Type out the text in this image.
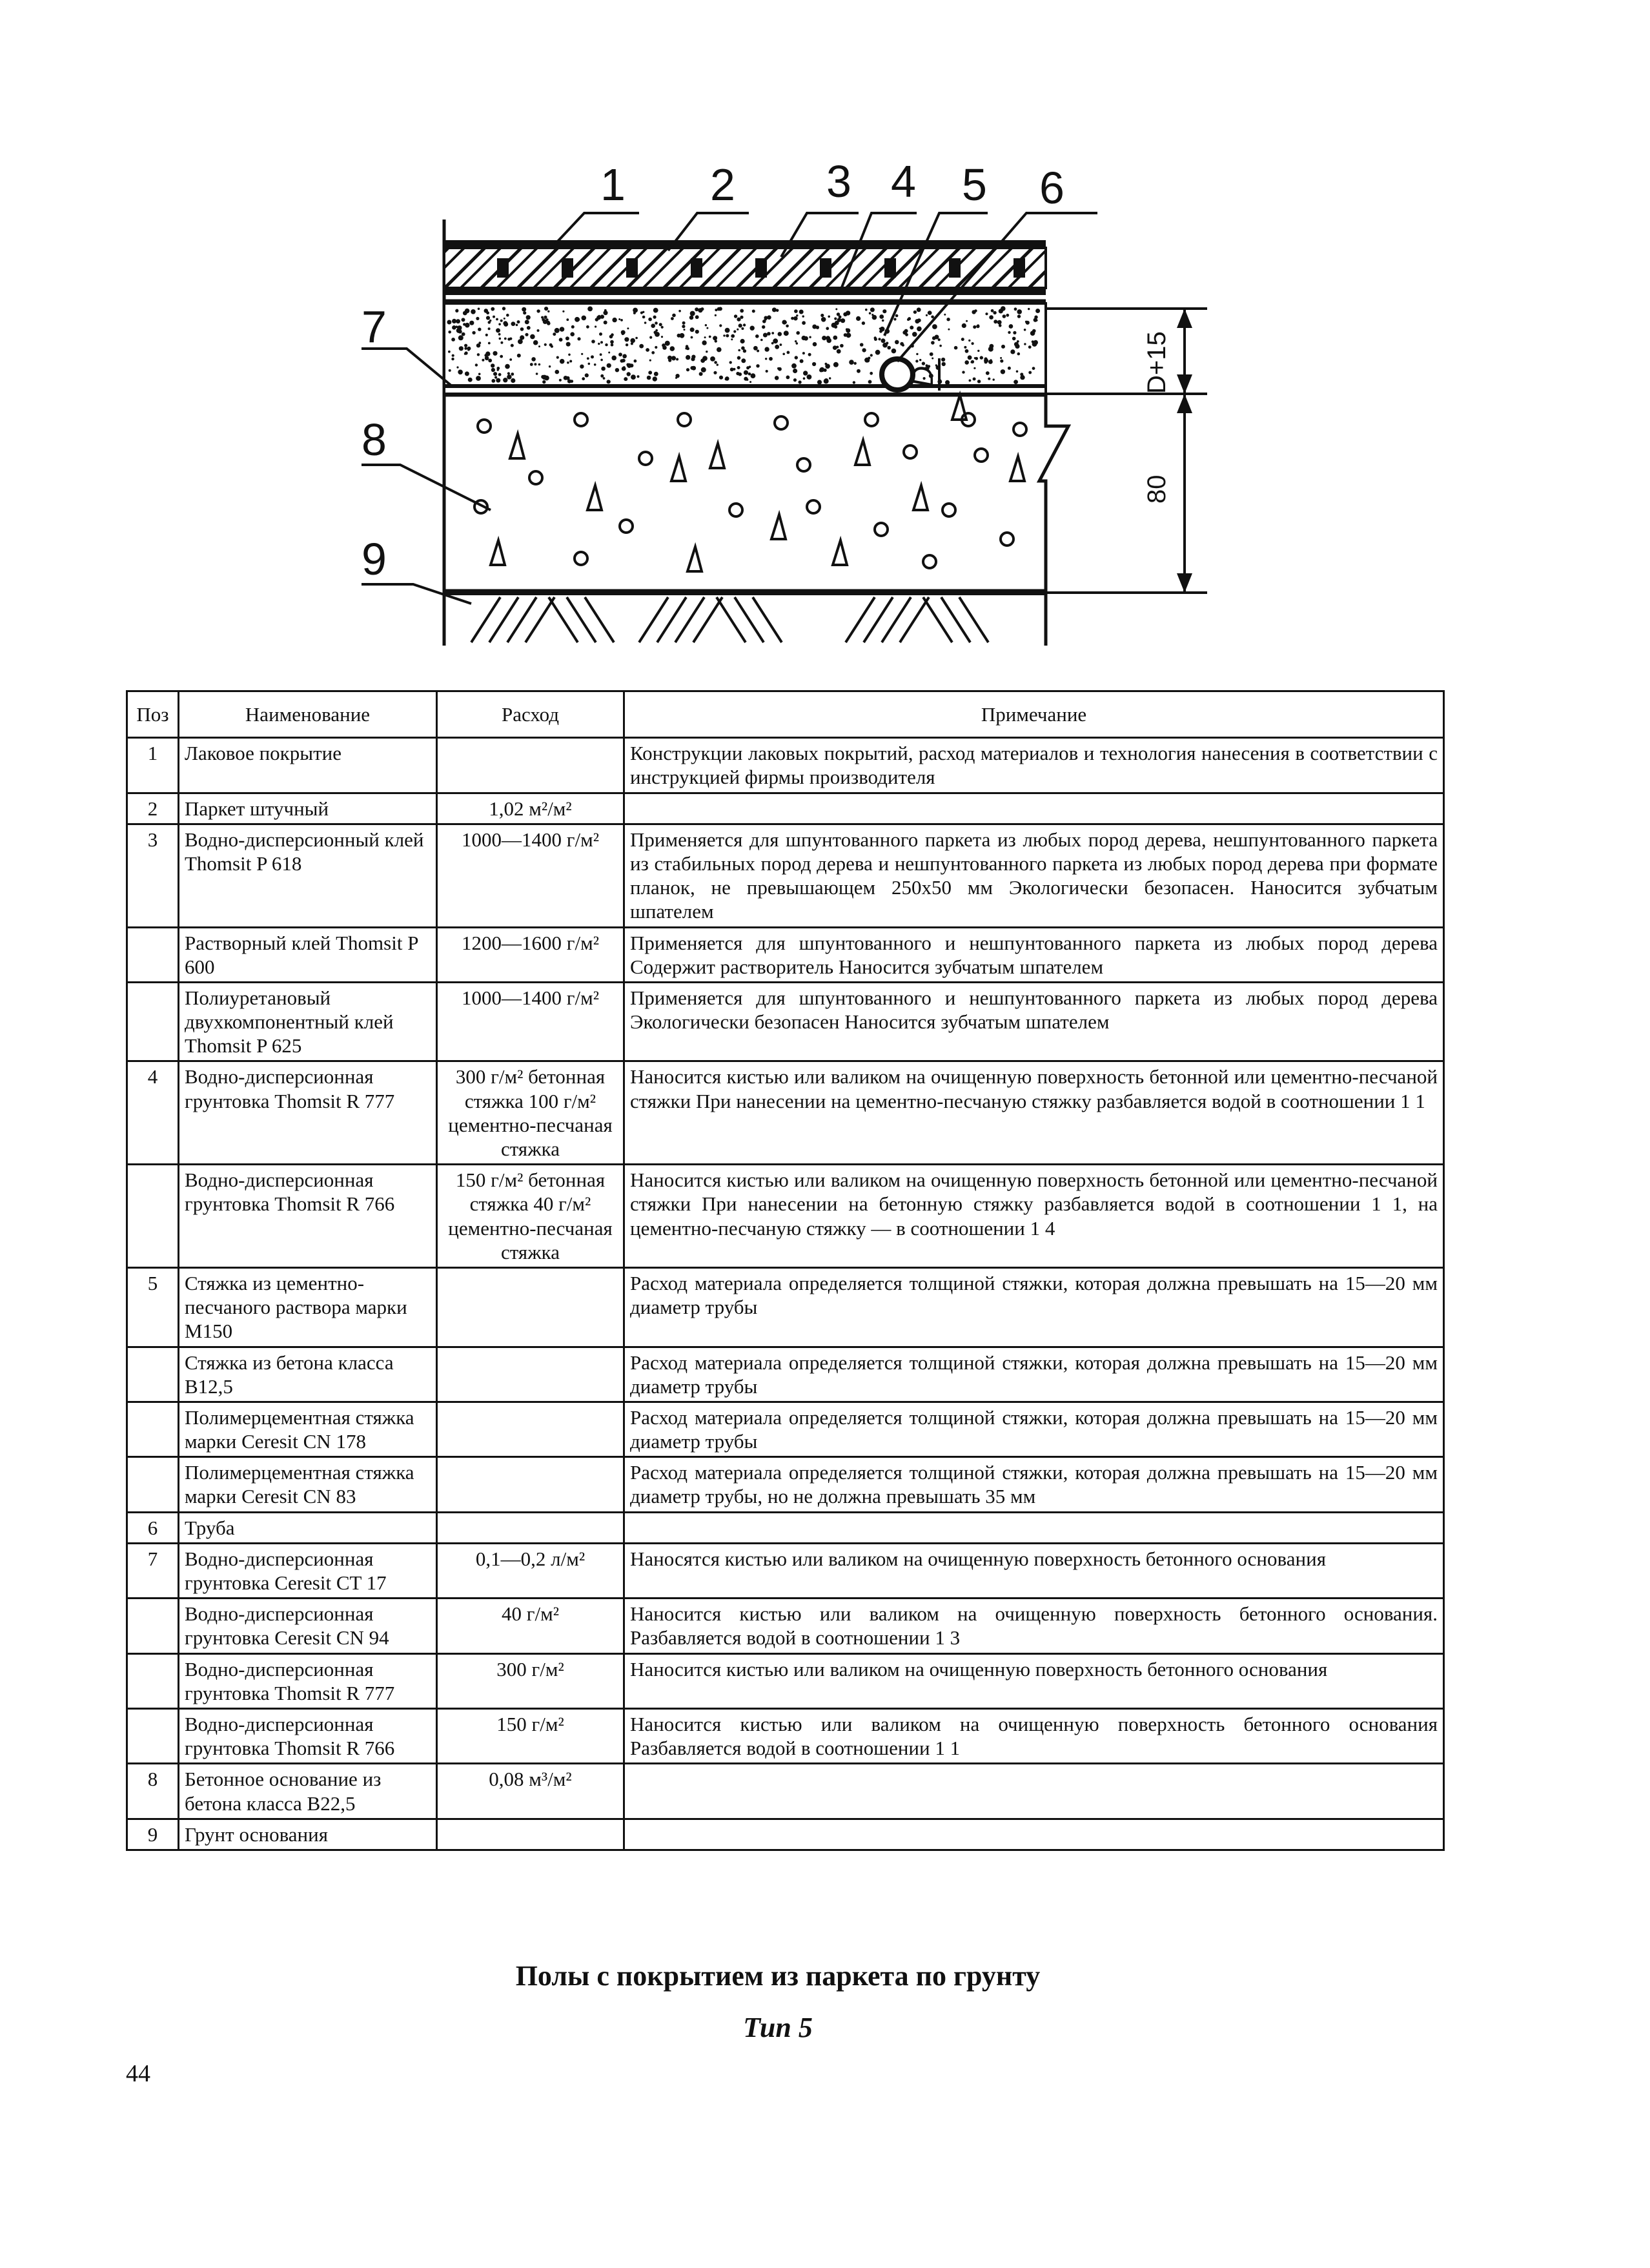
D
1 2 3 4 5 6
7
8
9
D+15
80
Поз	Наименование	Расход	Примечание
1	Лаковое покрытие		Конструкции лаковых покрытий, расход материалов и технология нанесения в соответствии с инструкцией фирмы производителя
2	Паркет штучный	1,02 м²/м²	
3	Водно-дисперсионный клей Thomsit P 618	1000—1400 г/м²	Применяется для шпунтованного паркета из любых пород дерева, нешпунтованного паркета из стабильных пород дерева и нешпунтованного паркета из любых пород дерева при формате планок, не превышающем 250х50 мм Экологически безопасен. Наносится зубчатым шпателем
	Растворный клей Thomsit P 600	1200—1600 г/м²	Применяется для шпунтованного и нешпунтованного паркета из любых пород дерева Содержит растворитель Наносится зубчатым шпателем
	Полиуретановый двухкомпонентный клей Thomsit P 625	1000—1400 г/м²	Применяется для шпунтованного и нешпунтованного паркета из любых пород дерева Экологически безопасен Наносится зубчатым шпателем
4	Водно-дисперсионная грунтовка Thomsit R 777	300 г/м² бетонная стяжка 100 г/м² цементно-песчаная стяжка	Наносится кистью или валиком на очищенную поверхность бетонной или цементно-песчаной стяжки При нанесении на цементно-песчаную стяжку разбавляется водой в соотношении 1 1
	Водно-дисперсионная грунтовка Thomsit R 766	150 г/м² бетонная стяжка 40 г/м² цементно-песчаная стяжка	Наносится кистью или валиком на очищенную поверхность бетонной или цементно-песчаной стяжки При нанесении на бетонную стяжку разбавляется водой в соотношении 1 1, на цементно-песчаную стяжку — в соотношении 1 4
5	Стяжка из цементно-песчаного раствора марки M150		Расход материала определяется толщиной стяжки, которая должна превышать на 15—20 мм диаметр трубы
	Стяжка из бетона класса B12,5		Расход материала определяется толщиной стяжки, которая должна превышать на 15—20 мм диаметр трубы
	Полимерцементная стяжка марки Ceresit CN 178		Расход материала определяется толщиной стяжки, которая должна превышать на 15—20 мм диаметр трубы
	Полимерцементная стяжка марки Ceresit CN 83		Расход материала определяется толщиной стяжки, которая должна превышать на 15—20 мм диаметр трубы, но не должна превышать 35 мм
6	Труба		
7	Водно-дисперсионная грунтовка Ceresit CT 17	0,1—0,2 л/м²	Наносятся кистью или валиком на очищенную поверхность бетонного основания
	Водно-дисперсионная грунтовка Ceresit CN 94	40 г/м²	Наносится кистью или валиком на очищенную поверхность бетонного основания. Разбавляется водой в соотношении 1 3
	Водно-дисперсионная грунтовка Thomsit R 777	300 г/м²	Наносится кистью или валиком на очищенную поверхность бетонного основания
	Водно-дисперсионная грунтовка Thomsit R 766	150 г/м²	Наносится кистью или валиком на очищенную поверхность бетонного основания Разбавляется водой в соотношении 1 1
8	Бетонное основание из бетона класса B22,5	0,08 м³/м²	
9	Грунт основания		
Полы с покрытием из паркета по грунту
Тип 5
44
